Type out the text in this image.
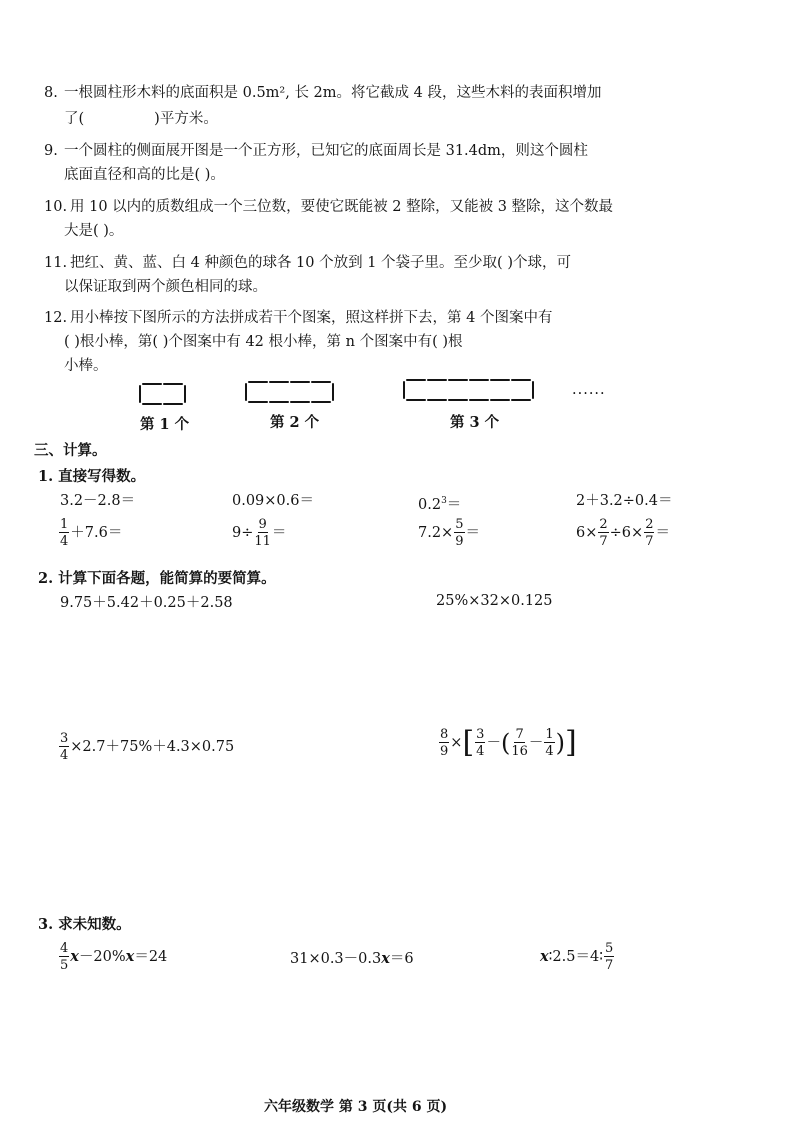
8. 一根圆柱形木料的底面积是 0.5m², 长 2m。将它截成 4 段，这些木料的表面积增加
了(	)平方米。
9. 一个圆柱的侧面展开图是一个正方形，已知它的底面周长是 31.4dm，则这个圆柱
底面直径和高的比是( )。
10. 用 10 以内的质数组成一个三位数，要使它既能被 2 整除，又能被 3 整除，这个数最
大是( )。
11. 把红、黄、蓝、白 4 种颜色的球各 10 个放到 1 个袋子里。至少取( )个球，可
以保证取到两个颜色相同的球。
12. 用小棒按下图所示的方法拼成若干个图案，照这样拼下去，第 4 个图案中有
( )根小棒，第( )个图案中有 42 根小棒，第 n 个图案中有( )根
小棒。
······
第 1 个	第 2 个	第 3 个
三、计算。
1. 直接写得数。
3.2－2.8＝	0.09×0.6＝	$0.2^3=$	2＋3.2÷0.4＝
$\frac{1}{4} +7.6=$	$9\div \frac{9}{11}$ ＝	$7.2\times \frac{5}{9}$ ＝	$6\times \frac{2}{7} \div 6\times \frac{2}{7}$ ＝
2. 计算下面各题，能简算的要简算。
9.75＋5.42＋0.25＋2.58	25%×32×0.125
$\frac{3}{4} \times 2.7+75\%+4.3\times 0.75$	$\frac{8}{9}$ × [ $\frac{3}{4}$ － ( $\frac{7}{16} - \frac{1}{4}$ ) ]
3. 求未知数。
$\frac{4}{5}$ x －20% x ＝24	31×0.3－0.3x＝6	x ∶2.5＝4∶ $\frac{5}{7}$
六年级数学 第 3 页(共 6 页)
